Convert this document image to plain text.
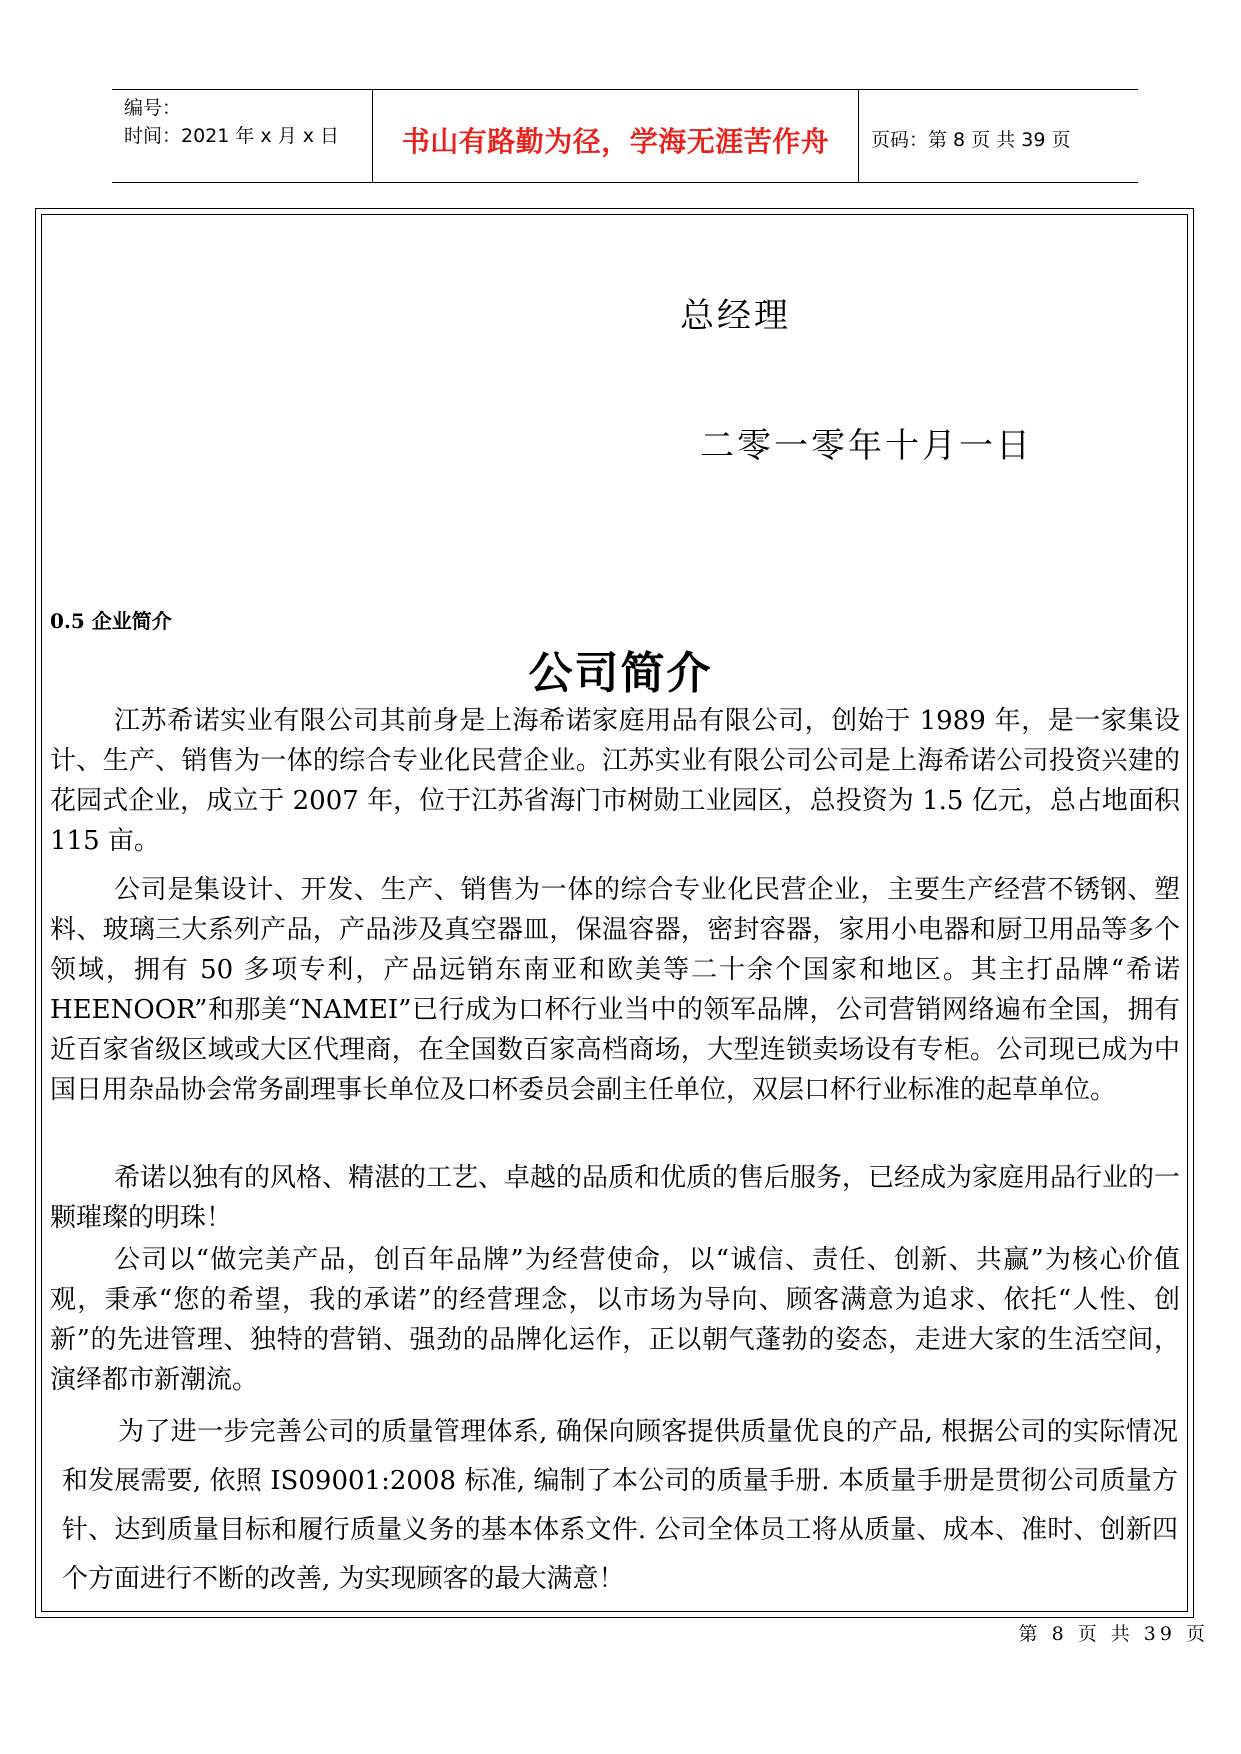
编号：
时间：2021 年 x 月 x 日	书山有路勤为径，学海无涯苦作舟	页码：第 8 页 共 39 页
总经理
二零一零年十月一日
0.5 企业简介
公司简介

江苏希诺实业有限公司其前身是上海希诺家庭用品有限公司，创始于 1989 年，是一家集设计、生产、销售为一体的综合专业化民营企业。江苏实业有限公司公司是上海希诺公司投资兴建的花园式企业，成立于 2007 年，位于江苏省海门市树勋工业园区，总投资为 1.5 亿元，总占地面积 115 亩。

公司是集设计、开发、生产、销售为一体的综合专业化民营企业，主要生产经营不锈钢、塑料、玻璃三大系列产品，产品涉及真空器皿，保温容器，密封容器，家用小电器和厨卫用品等多个领域，拥有 50 多项专利，产品远销东南亚和欧美等二十余个国家和地区。其主打品牌“希诺 HEENOOR”和那美“NAMEI”已行成为口杯行业当中的领军品牌，公司营销网络遍布全国，拥有近百家省级区域或大区代理商，在全国数百家高档商场，大型连锁卖场设有专柜。公司现已成为中国日用杂品协会常务副理事长单位及口杯委员会副主任单位，双层口杯行业标准的起草单位。

希诺以独有的风格、精湛的工艺、卓越的品质和优质的售后服务，已经成为家庭用品行业的一颗璀璨的明珠！

公司以“做完美产品，创百年品牌”为经营使命，以“诚信、责任、创新、共赢”为核心价值观，秉承“您的希望，我的承诺”的经营理念，以市场为导向、顾客满意为追求、依托“人性、创新”的先进管理、独特的营销、强劲的品牌化运作，正以朝气蓬勃的姿态，走进大家的生活空间，演绎都市新潮流。

为了进一步完善公司的质量管理体系, 确保向顾客提供质量优良的产品, 根据公司的实际情况和发展需要, 依照 IS09001:2008 标准, 编制了本公司的质量手册. 本质量手册是贯彻公司质量方针、达到质量目标和履行质量义务的基本体系文件. 公司全体员工将从质量、成本、准时、创新四个方面进行不断的改善, 为实现顾客的最大满意！

第 8 页 共 39 页
